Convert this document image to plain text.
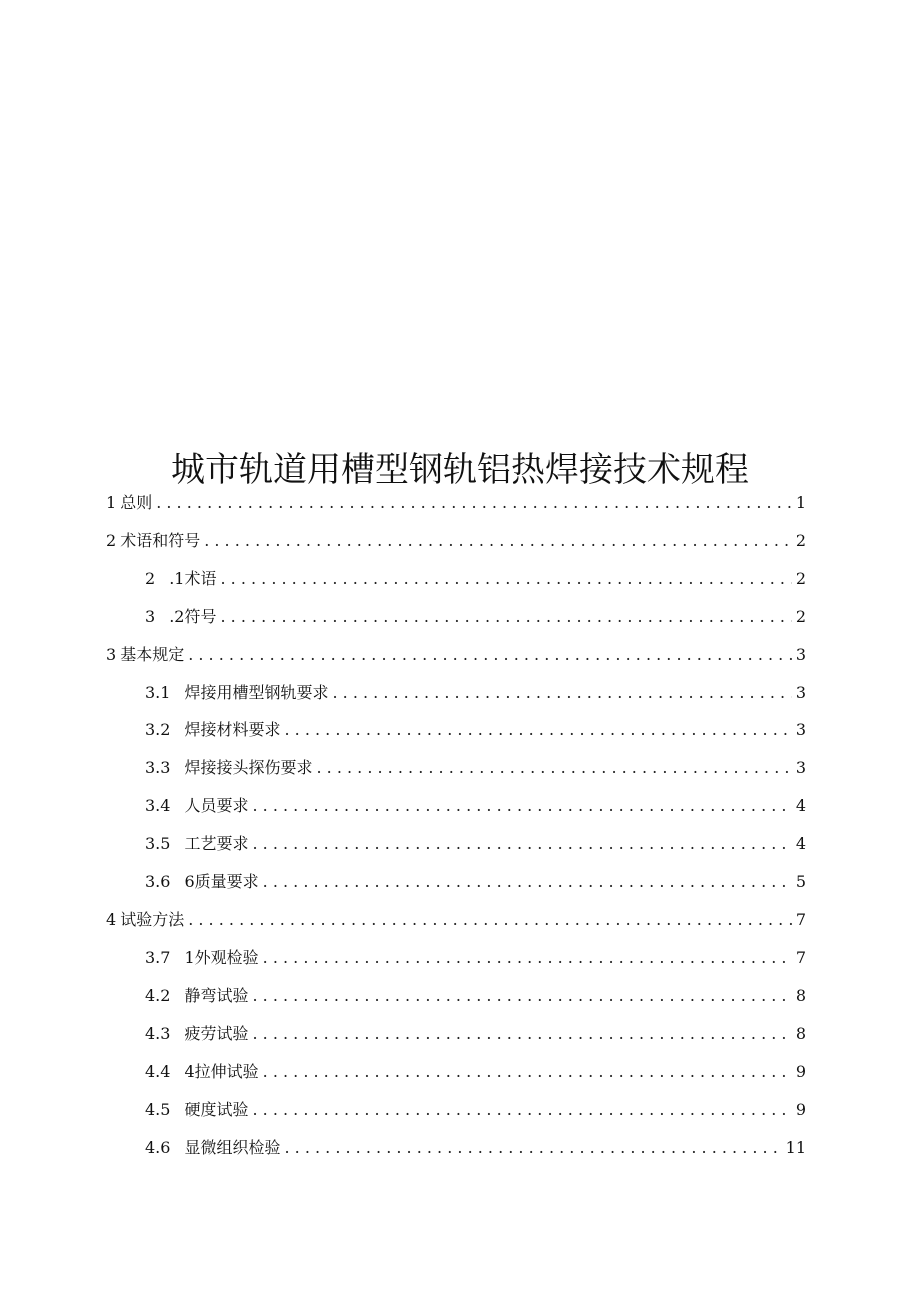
城市轨道用槽型钢轨铝热焊接技术规程
1 总则 . . .	1
2 术语和符号 . . .	2
2 .1术语 . . .	2
3 .2符号 . . .	2
3 基本规定 . . .	3
3.1 焊接用槽型钢轨要求 . . .	3
3.2 焊接材料要求 . . .	3
3.3 焊接接头探伤要求 . . .	3
3.4 人员要求 . . .	4
3.5 工艺要求 . . .	4
3.6 6质量要求 . . .	5
4 试验方法 . . .	7
3.7 1外观检验 . . .	7
4.2 静弯试验 . . .	8
4.3 疲劳试验 . . .	8
4.4 4拉伸试验 . . .	9
4.5 硬度试验 . . .	9
4.6 显微组织检验 . . .	11
